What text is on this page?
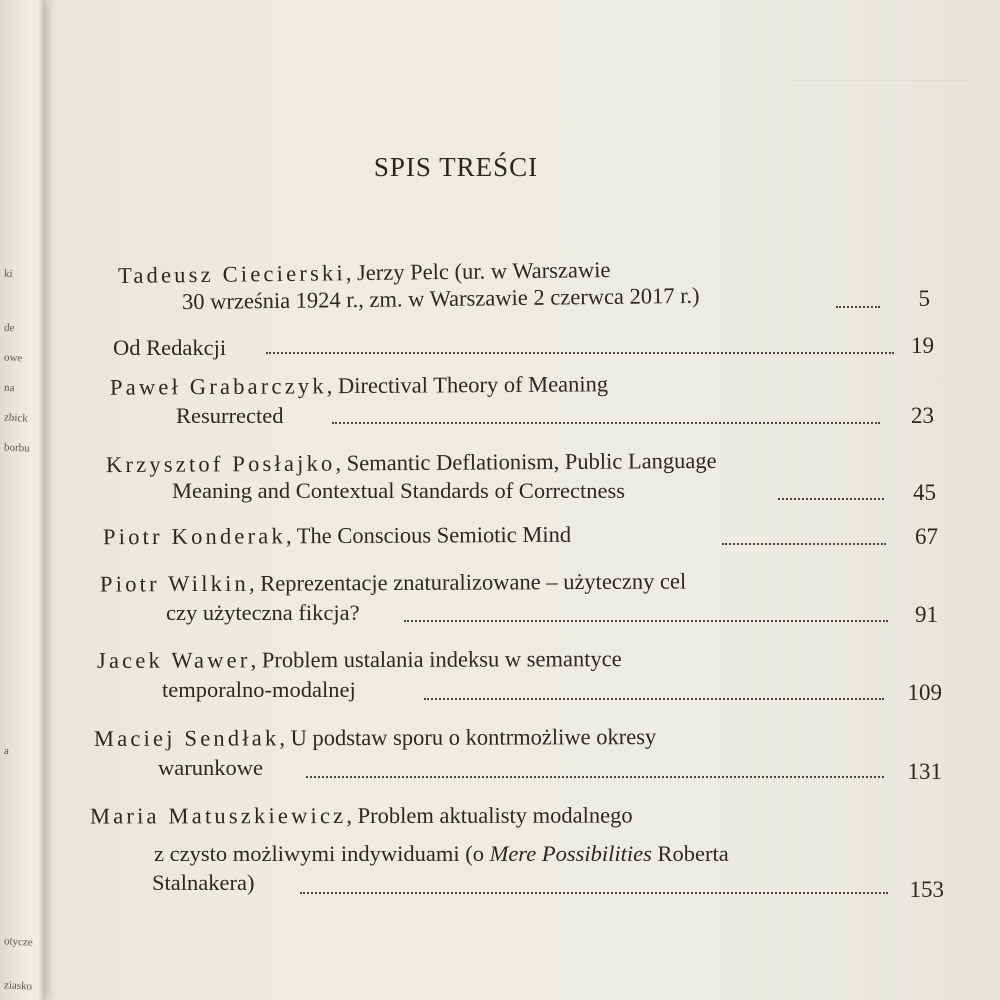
ki
de
owe
na
zbick
borbu
a
otycze
ziasko
SPIS TREŚCI
Tadeusz Ciecierski, Jerzy Pelc (ur. w Warszawie
30 września 1924 r., zm. w Warszawie 2 czerwca 2017 r.)	5
Od Redakcji	19
Paweł Grabarczyk, Directival Theory of Meaning
Resurrected	23
Krzysztof Posłajko, Semantic Deflationism, Public Language
Meaning and Contextual Standards of Correctness	45
Piotr Konderak, The Conscious Semiotic Mind	67
Piotr Wilkin, Reprezentacje znaturalizowane – użyteczny cel
czy użyteczna fikcja?	91
Jacek Wawer, Problem ustalania indeksu w semantyce
temporalno-modalnej	109
Maciej Sendłak, U podstaw sporu o kontrmożliwe okresy
warunkowe	131
Maria Matuszkiewicz, Problem aktualisty modalnego
z czysto możliwymi indywiduami (o Mere Possibilities Roberta
Stalnakera)	153
